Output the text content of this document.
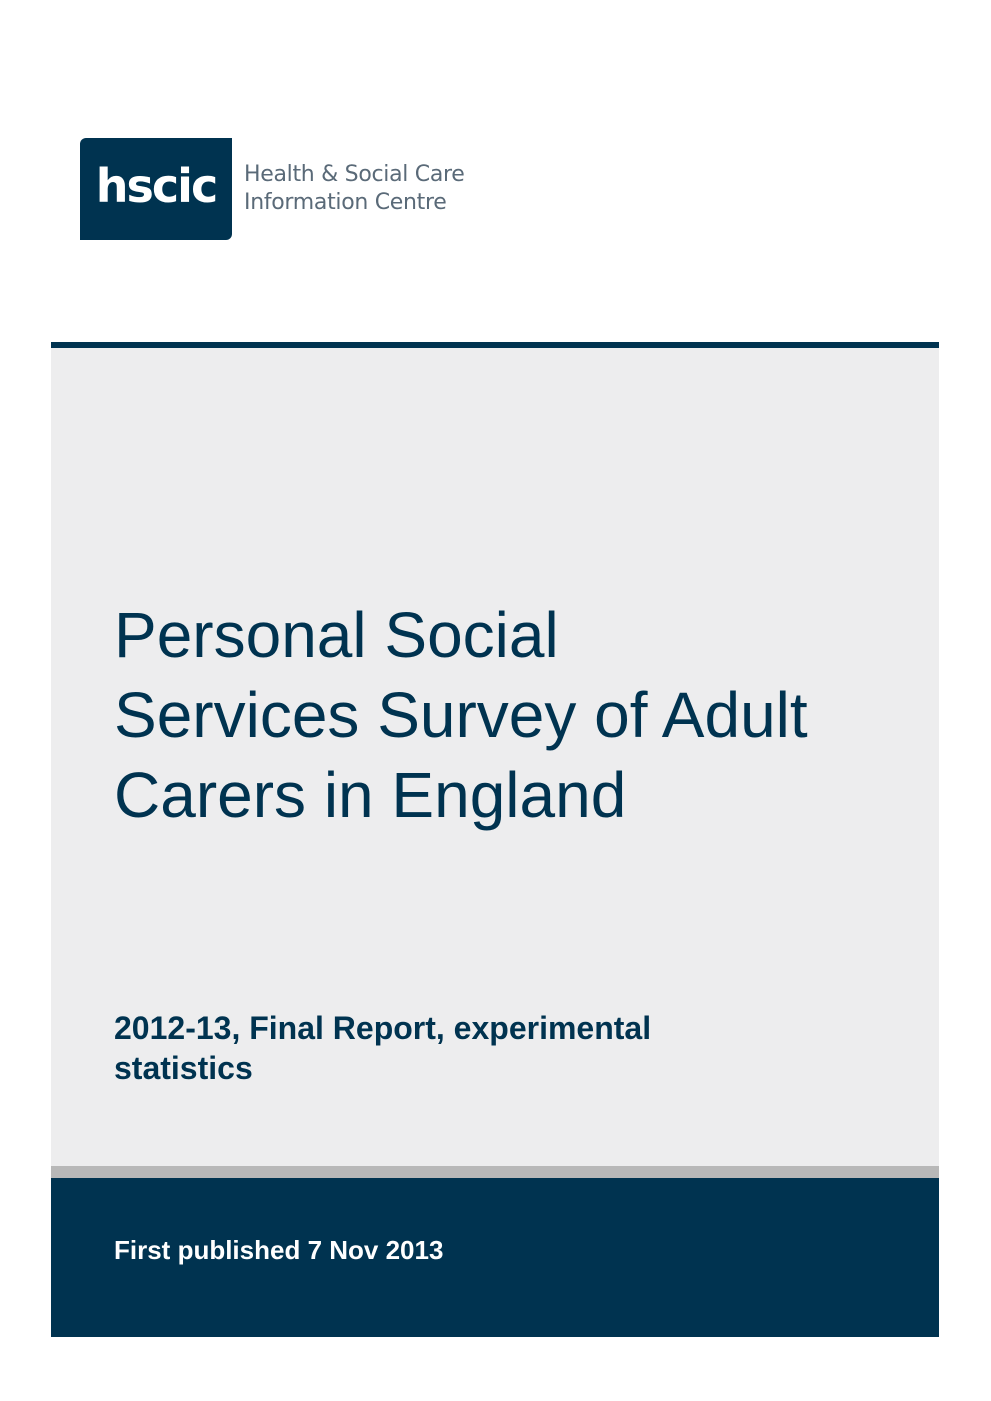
hscic	Health & Social Care
Information Centre
Personal Social Services Survey of Adult Carers in England
2012-13, Final Report, experimental statistics

First published 7 Nov 2013
